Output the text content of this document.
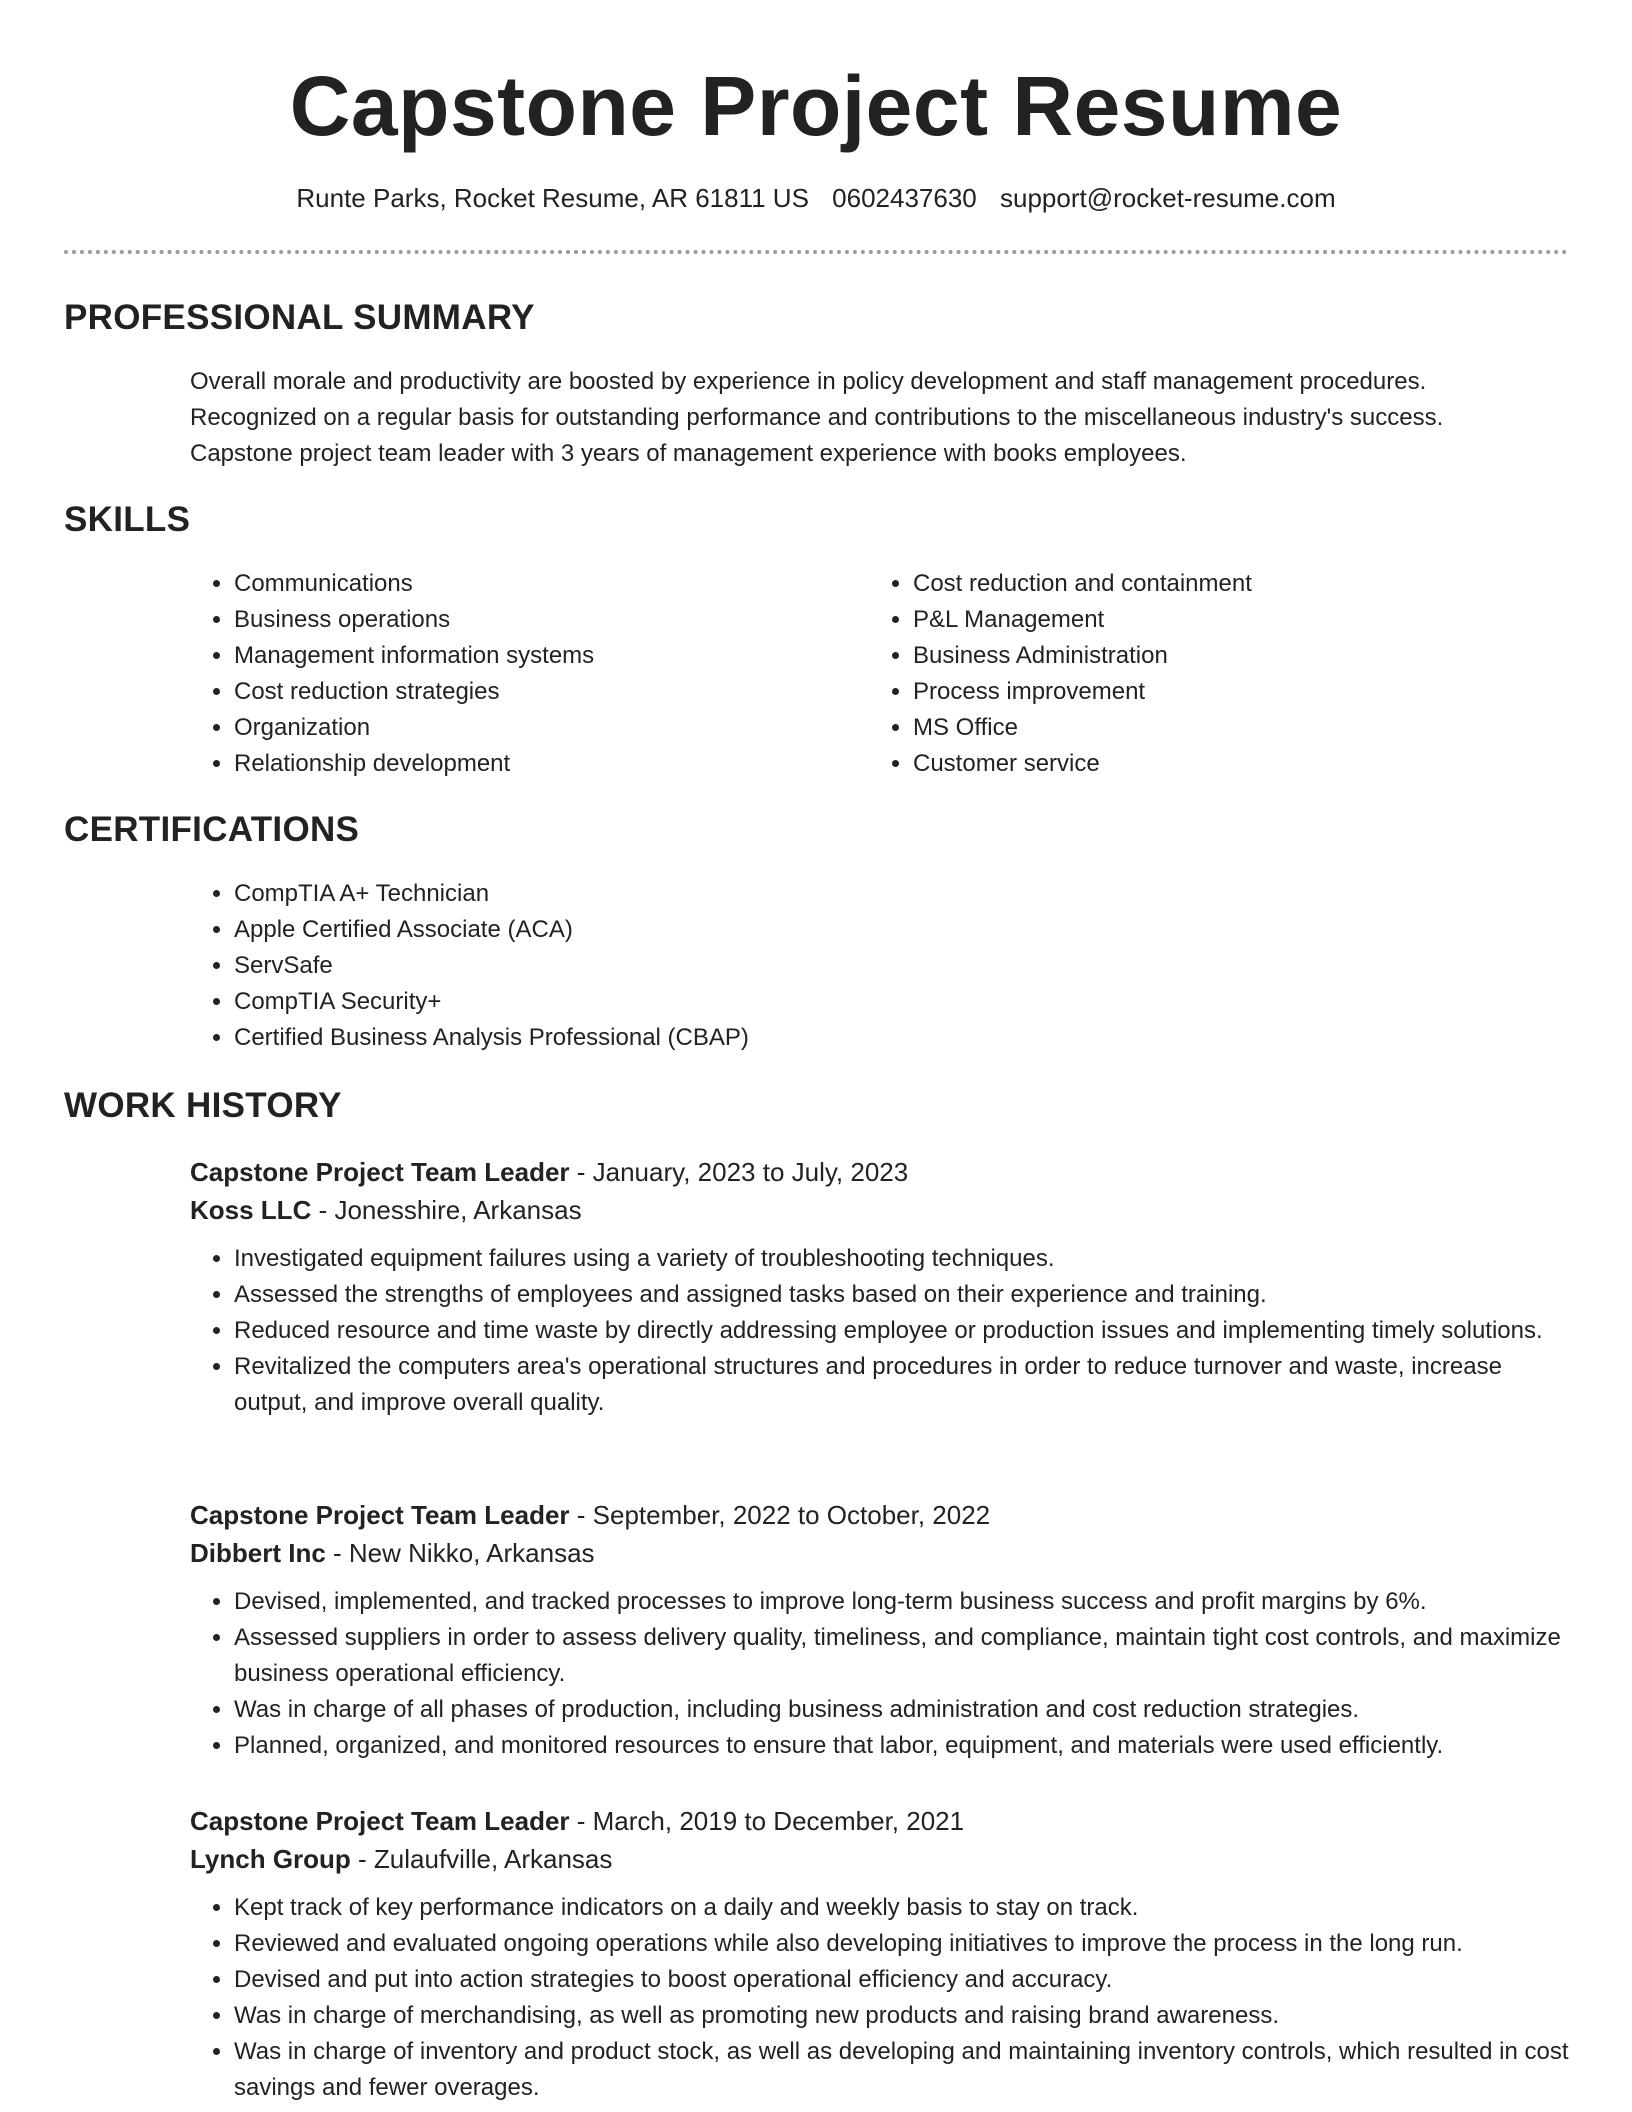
Capstone Project Resume
Runte Parks, Rocket Resume, AR 61811 US 0602437630 support@rocket-resume.com
PROFESSIONAL SUMMARY
Overall morale and productivity are boosted by experience in policy development and staff management procedures.
Recognized on a regular basis for outstanding performance and contributions to the miscellaneous industry's success.
Capstone project team leader with 3 years of management experience with books employees.
SKILLS
• Communications
• Business operations
• Management information systems
• Cost reduction strategies
• Organization
• Relationship development
• Cost reduction and containment
• P&L Management
• Business Administration
• Process improvement
• MS Office
• Customer service
CERTIFICATIONS
• CompTIA A+ Technician
• Apple Certified Associate (ACA)
• ServSafe
• CompTIA Security+
• Certified Business Analysis Professional (CBAP)
WORK HISTORY
Capstone Project Team Leader - January, 2023 to July, 2023
Koss LLC - Jonesshire, Arkansas
• Investigated equipment failures using a variety of troubleshooting techniques.
• Assessed the strengths of employees and assigned tasks based on their experience and training.
• Reduced resource and time waste by directly addressing employee or production issues and implementing timely solutions.
• Revitalized the computers area's operational structures and procedures in order to reduce turnover and waste, increase output, and improve overall quality.
Capstone Project Team Leader - September, 2022 to October, 2022
Dibbert Inc - New Nikko, Arkansas
• Devised, implemented, and tracked processes to improve long-term business success and profit margins by 6%.
• Assessed suppliers in order to assess delivery quality, timeliness, and compliance, maintain tight cost controls, and maximize business operational efficiency.
• Was in charge of all phases of production, including business administration and cost reduction strategies.
• Planned, organized, and monitored resources to ensure that labor, equipment, and materials were used efficiently.
Capstone Project Team Leader - March, 2019 to December, 2021
Lynch Group - Zulaufville, Arkansas
• Kept track of key performance indicators on a daily and weekly basis to stay on track.
• Reviewed and evaluated ongoing operations while also developing initiatives to improve the process in the long run.
• Devised and put into action strategies to boost operational efficiency and accuracy.
• Was in charge of merchandising, as well as promoting new products and raising brand awareness.
• Was in charge of inventory and product stock, as well as developing and maintaining inventory controls, which resulted in cost savings and fewer overages.
